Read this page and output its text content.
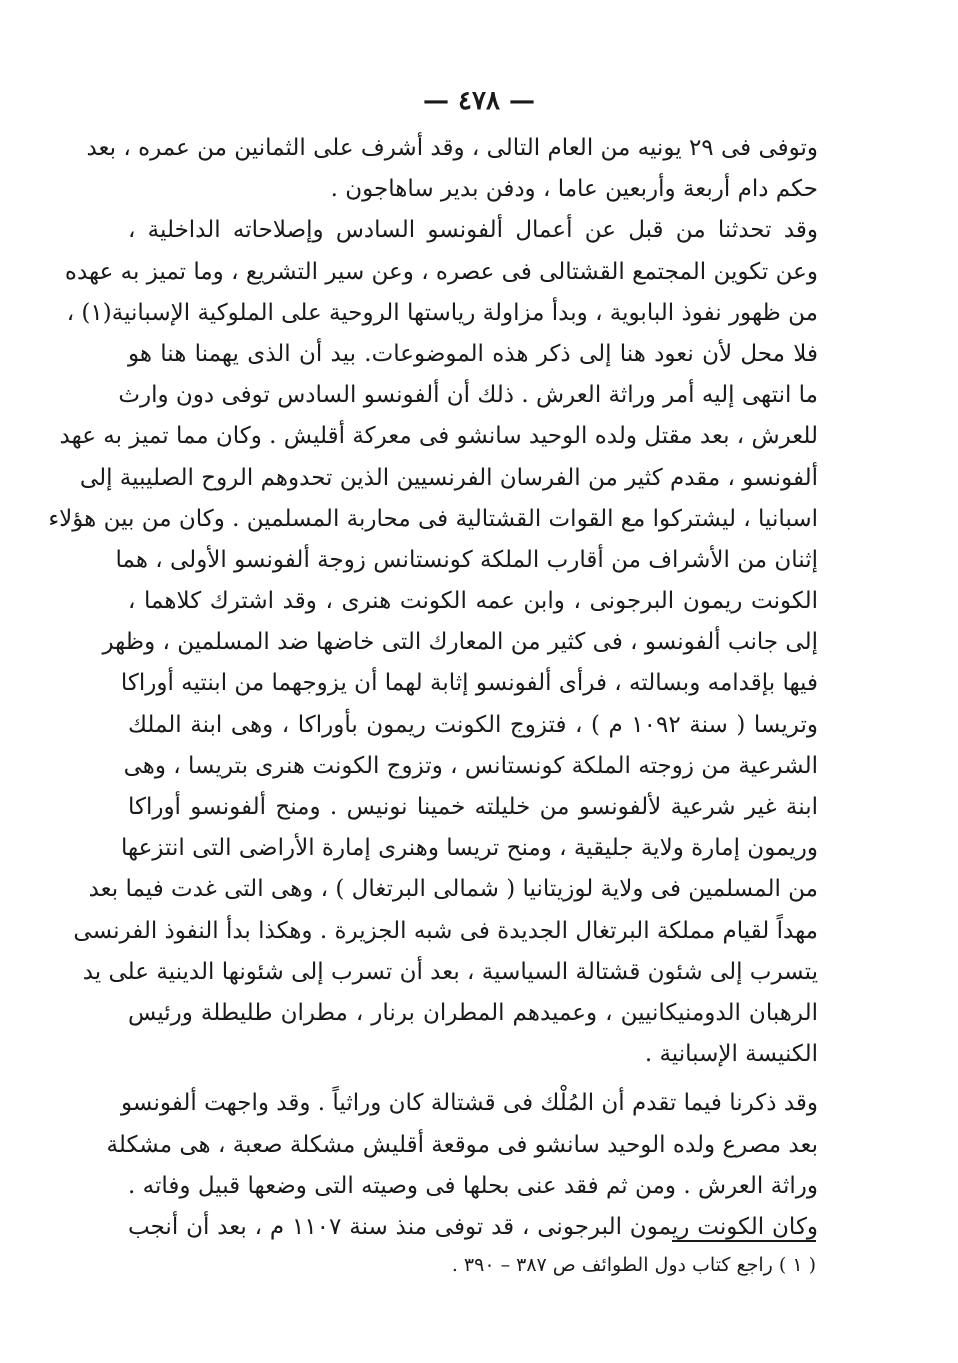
— ٤٧٨ —
وتوفى فى ٢٩ يونيه من العام التالى ، وقد أشرف على الثمانين من عمره ، بعد
حكم دام أربعة وأربعين عاما ، ودفن بدير ساهاجون .
وقد تحدثنا من قبل عن أعمال ألفونسو السادس وإصلاحاته الداخلية ،
وعن تكوين المجتمع القشتالى فى عصره ، وعن سير التشريع ، وما تميز به عهده
من ظهور نفوذ البابوية ، وبدأ مزاولة رياستها الروحية على الملوكية الإسبانية(١) ،
فلا محل لأن نعود هنا إلى ذكر هذه الموضوعات. بيد أن الذى يهمنا هنا هو
ما انتهى إليه أمر وراثة العرش . ذلك أن ألفونسو السادس توفى دون وارث
للعرش ، بعد مقتل ولده الوحيد سانشو فى معركة أقليش . وكان مما تميز به عهد
ألفونسو ، مقدم كثير من الفرسان الفرنسيين الذين تحدوهم الروح الصليبية إلى
اسبانيا ، ليشتركوا مع القوات القشتالية فى محاربة المسلمين . وكان من بين هؤلاء
إثنان من الأشراف من أقارب الملكة كونستانس زوجة ألفونسو الأولى ، هما
الكونت ريمون البرجونى ، وابن عمه الكونت هنرى ، وقد اشترك كلاهما ،
إلى جانب ألفونسو ، فى كثير من المعارك التى خاضها ضد المسلمين ، وظهر
فيها بإقدامه وبسالته ، فرأى ألفونسو إثابة لهما أن يزوجهما من ابنتيه أوراكا
وتريسا ( سنة ١٠٩٢ م ) ، فتزوج الكونت ريمون بأوراكا ، وهى ابنة الملك
الشرعية من زوجته الملكة كونستانس ، وتزوج الكونت هنرى بتريسا ، وهى
ابنة غير شرعية لألفونسو من خليلته خمينا نونيس . ومنح ألفونسو أوراكا
وريمون إمارة ولاية جليقية ، ومنح تريسا وهنرى إمارة الأراضى التى انتزعها
من المسلمين فى ولاية لوزيتانيا ( شمالى البرتغال ) ، وهى التى غدت فيما بعد
مهداً لقيام مملكة البرتغال الجديدة فى شبه الجزيرة . وهكذا بدأ النفوذ الفرنسى
يتسرب إلى شئون قشتالة السياسية ، بعد أن تسرب إلى شئونها الدينية على يد
الرهبان الدومنيكانيين ، وعميدهم المطران برنار ، مطران طليطلة ورئيس
الكنيسة الإسبانية .
وقد ذكرنا فيما تقدم أن المُلْك فى قشتالة كان وراثياً . وقد واجهت ألفونسو
بعد مصرع ولده الوحيد سانشو فى موقعة أقليش مشكلة صعبة ، هى مشكلة
وراثة العرش . ومن ثم فقد عنى بحلها فى وصيته التى وضعها قبيل وفاته .
وكان الكونت ريمون البرجونى ، قد توفى منذ سنة ١١٠٧ م ، بعد أن أنجب
( ١ ) راجع كتاب دول الطوائف ص ٣٨٧ – ٣٩٠ .
